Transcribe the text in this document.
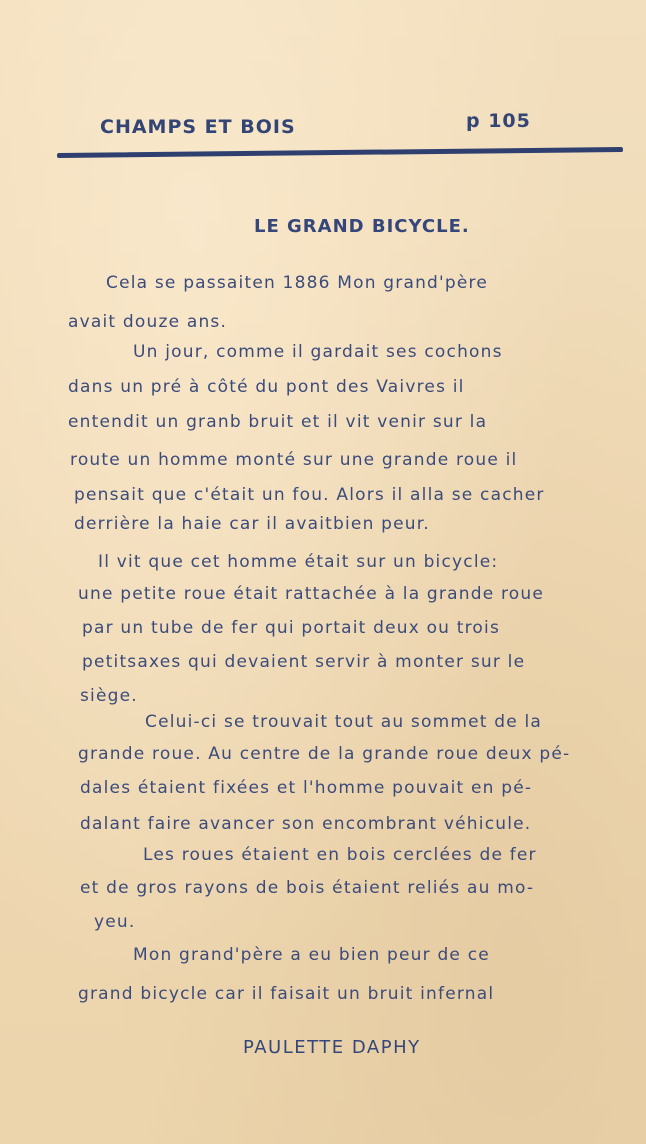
CHAMPS ET BOIS	p 105
LE GRAND BICYCLE.
Cela se passaiten 1886 Mon grand'père
avait douze ans.
Un jour, comme il gardait ses cochons
dans un pré à côté du pont des Vaivres il
entendit un granb bruit et il vit venir sur la
route un homme monté sur une grande roue il
pensait que c'était un fou. Alors il alla se cacher
derrière la haie car il avaitbien peur.
Il vit que cet homme était sur un bicycle:
une petite roue était rattachée à la grande roue
par un tube de fer qui portait deux ou trois
petitsaxes qui devaient servir à monter sur le
siège.
Celui-ci se trouvait tout au sommet de la
grande roue. Au centre de la grande roue deux pé-
dales étaient fixées et l'homme pouvait en pé-
dalant faire avancer son encombrant véhicule.
Les roues étaient en bois cerclées de fer
et de gros rayons de bois étaient reliés au mo-
yeu.
Mon grand'père a eu bien peur de ce
grand bicycle car il faisait un bruit infernal
PAULETTE DAPHY
